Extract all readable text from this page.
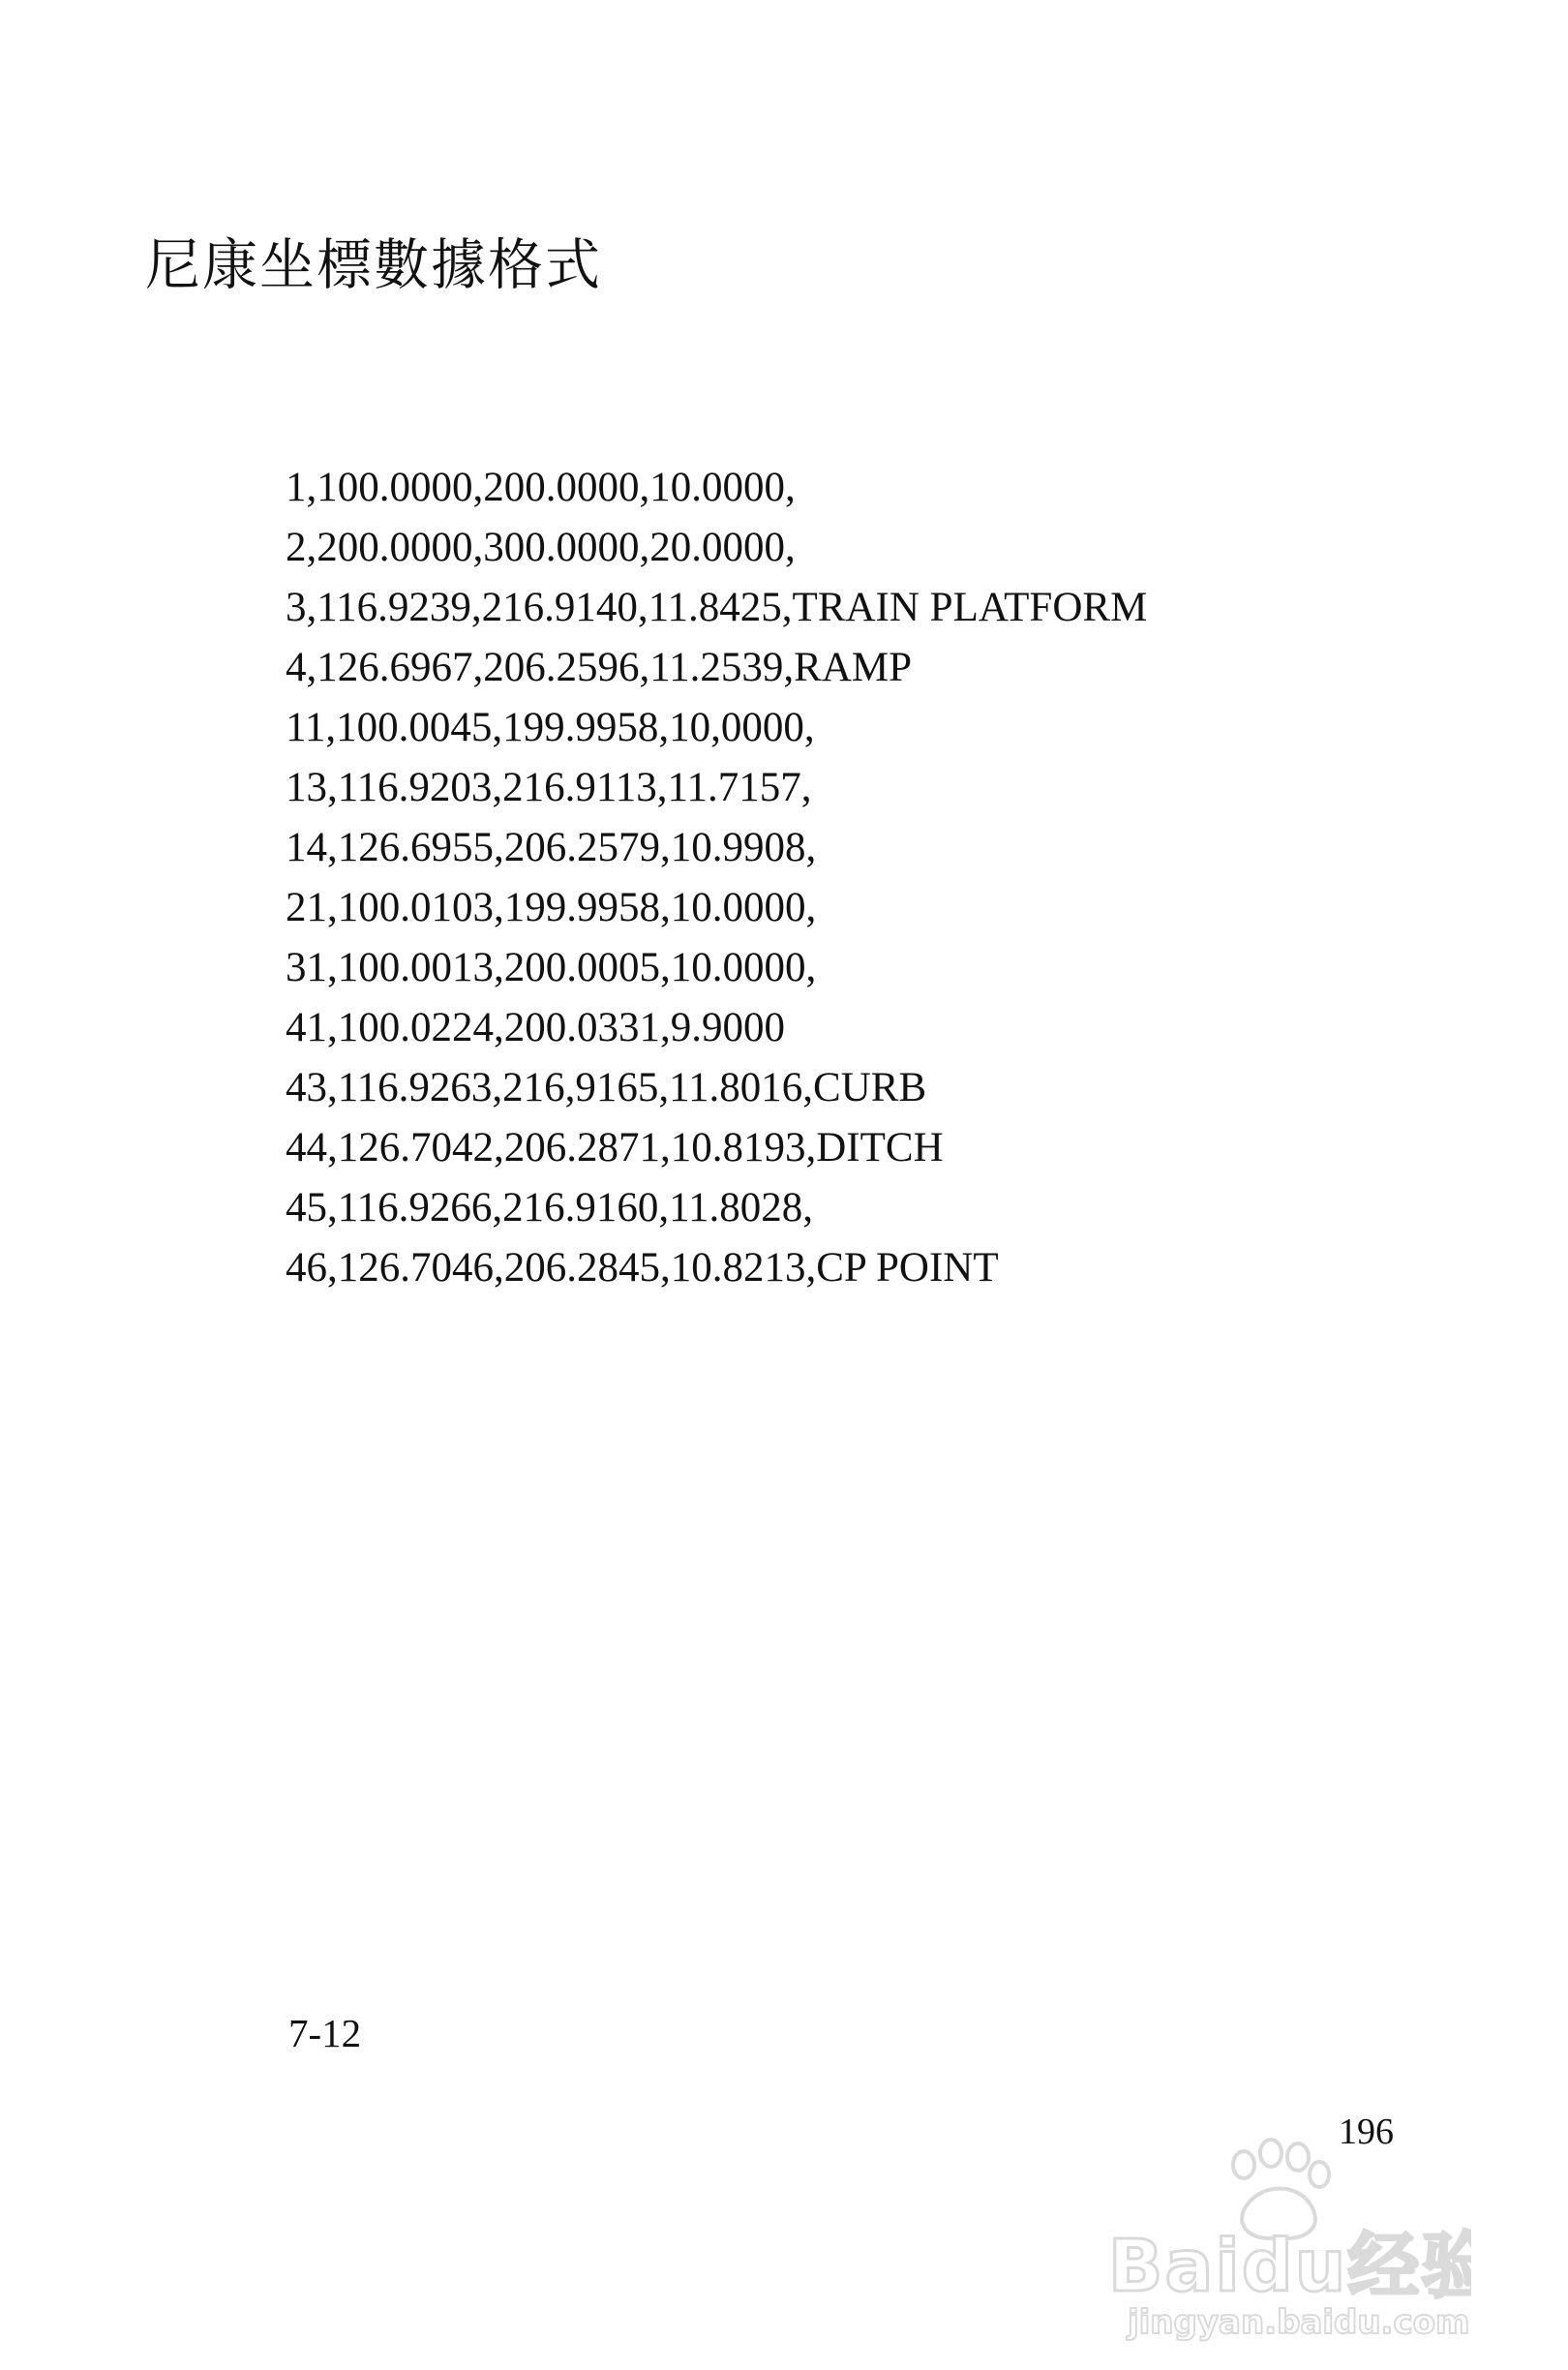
尼康坐標數據格式
1,100.0000,200.0000,10.0000,
2,200.0000,300.0000,20.0000,
3,116.9239,216.9140,11.8425,TRAIN PLATFORM
4,126.6967,206.2596,11.2539,RAMP
11,100.0045,199.9958,10,0000,
13,116.9203,216.9113,11.7157,
14,126.6955,206.2579,10.9908,
21,100.0103,199.9958,10.0000,
31,100.0013,200.0005,10.0000,
41,100.0224,200.0331,9.9000
43,116.9263,216,9165,11.8016,CURB
44,126.7042,206.2871,10.8193,DITCH
45,116.9266,216.9160,11.8028,
46,126.7046,206.2845,10.8213,CP POINT
7-12
196
Baidu经验
jingyan.baidu.com
